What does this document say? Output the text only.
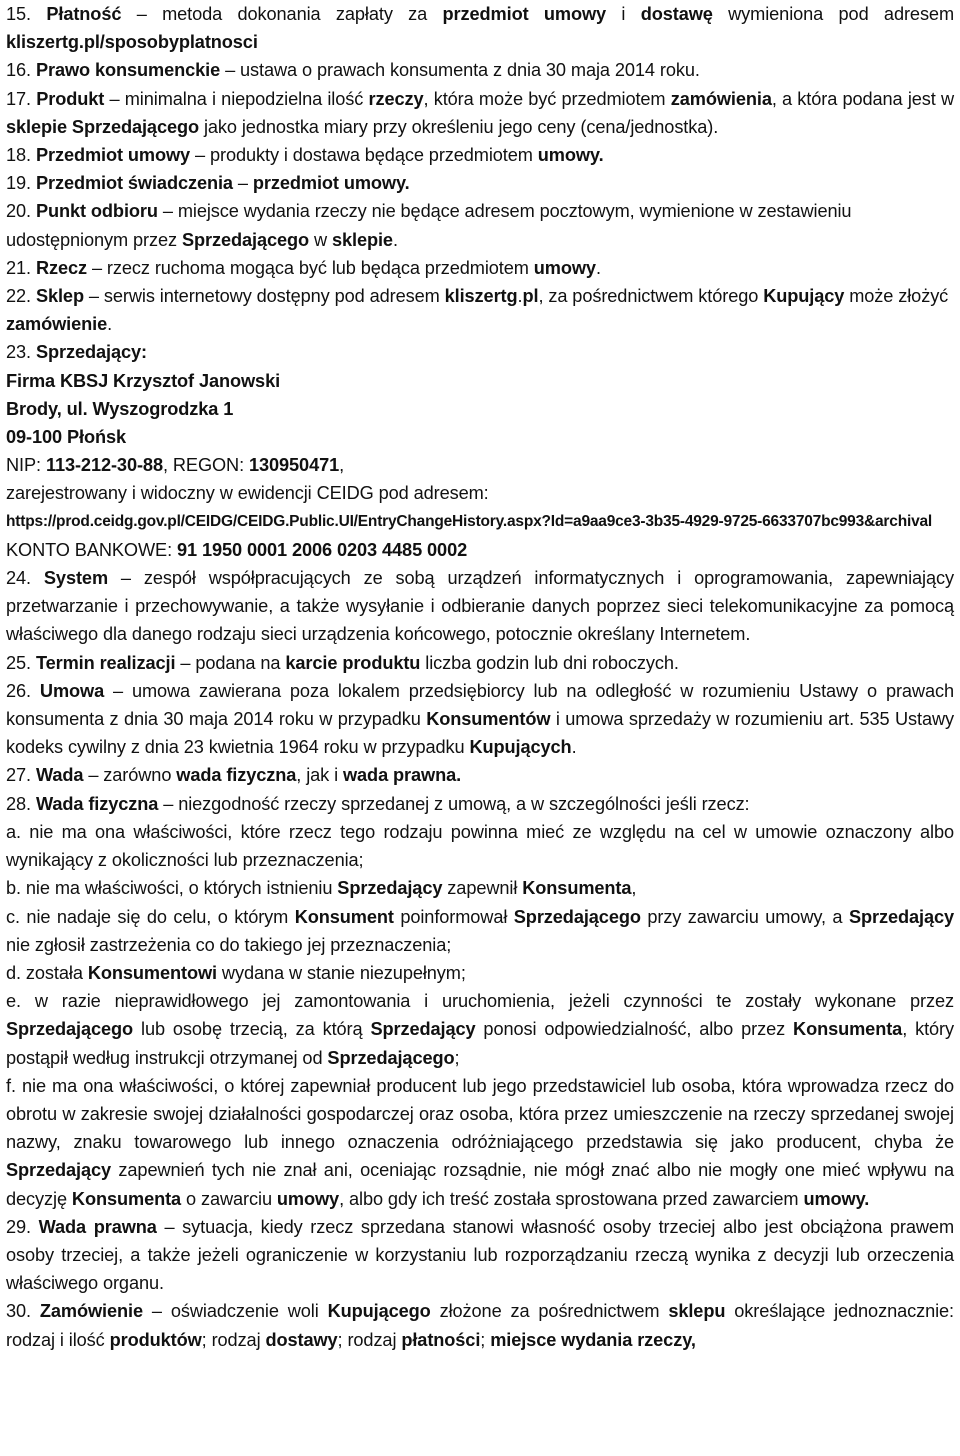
15. Płatność – metoda dokonania zapłaty za przedmiot umowy i dostawę wymieniona pod adresem kliszertg.pl/sposobyplatnosci

16. Prawo konsumenckie – ustawa o prawach konsumenta z dnia 30 maja 2014 roku.

17. Produkt – minimalna i niepodzielna ilość rzeczy, która może być przedmiotem zamówienia, a która podana jest w sklepie Sprzedającego jako jednostka miary przy określeniu jego ceny (cena/jednostka).

18. Przedmiot umowy – produkty i dostawa będące przedmiotem umowy.

19. Przedmiot świadczenia – przedmiot umowy.

20. Punkt odbioru – miejsce wydania rzeczy nie będące adresem pocztowym, wymienione w zestawieniu udostępnionym przez Sprzedającego w sklepie.

21. Rzecz – rzecz ruchoma mogąca być lub będąca przedmiotem umowy.

22. Sklep – serwis internetowy dostępny pod adresem kliszertg.pl, za pośrednictwem którego Kupujący może złożyć zamówienie.

23. Sprzedający:

Firma KBSJ Krzysztof Janowski

Brody, ul. Wyszogrodzka 1

09-100 Płońsk

NIP: 113-212-30-88, REGON: 130950471,

zarejestrowany i widoczny w ewidencji CEIDG pod adresem:

https://prod.ceidg.gov.pl/CEIDG/CEIDG.Public.UI/EntryChangeHistory.aspx?Id=a9aa9ce3-3b35-4929-9725-6633707bc993&archival

KONTO BANKOWE: 91 1950 0001 2006 0203 4485 0002

24. System – zespół współpracujących ze sobą urządzeń informatycznych i oprogramowania, zapewniający przetwarzanie i przechowywanie, a także wysyłanie i odbieranie danych poprzez sieci telekomunikacyjne za pomocą właściwego dla danego rodzaju sieci urządzenia końcowego, potocznie określany Internetem.

25. Termin realizacji – podana na karcie produktu liczba godzin lub dni roboczych.

26. Umowa – umowa zawierana poza lokalem przedsiębiorcy lub na odległość w rozumieniu Ustawy o prawach konsumenta z dnia 30 maja 2014 roku w przypadku Konsumentów i umowa sprzedaży w rozumieniu art. 535 Ustawy kodeks cywilny z dnia 23 kwietnia 1964 roku w przypadku Kupujących.

27. Wada – zarówno wada fizyczna, jak i wada prawna.

28. Wada fizyczna – niezgodność rzeczy sprzedanej z umową, a w szczególności jeśli rzecz:

a. nie ma ona właściwości, które rzecz tego rodzaju powinna mieć ze względu na cel w umowie oznaczony albo wynikający z okoliczności lub przeznaczenia;

b. nie ma właściwości, o których istnieniu Sprzedający zapewnił Konsumenta,

c. nie nadaje się do celu, o którym Konsument poinformował Sprzedającego przy zawarciu umowy, a Sprzedający nie zgłosił zastrzeżenia co do takiego jej przeznaczenia;

d. została Konsumentowi wydana w stanie niezupełnym;

e. w razie nieprawidłowego jej zamontowania i uruchomienia, jeżeli czynności te zostały wykonane przez Sprzedającego lub osobę trzecią, za którą Sprzedający ponosi odpowiedzialność, albo przez Konsumenta, który postąpił według instrukcji otrzymanej od Sprzedającego;

f. nie ma ona właściwości, o której zapewniał producent lub jego przedstawiciel lub osoba, która wprowadza rzecz do obrotu w zakresie swojej działalności gospodarczej oraz osoba, która przez umieszczenie na rzeczy sprzedanej swojej nazwy, znaku towarowego lub innego oznaczenia odróżniającego przedstawia się jako producent, chyba że Sprzedający zapewnień tych nie znał ani, oceniając rozsądnie, nie mógł znać albo nie mogły one mieć wpływu na decyzję Konsumenta o zawarciu umowy, albo gdy ich treść została sprostowana przed zawarciem umowy.

29. Wada prawna – sytuacja, kiedy rzecz sprzedana stanowi własność osoby trzeciej albo jest obciążona prawem osoby trzeciej, a także jeżeli ograniczenie w korzystaniu lub rozporządzaniu rzeczą wynika z decyzji lub orzeczenia właściwego organu.

30. Zamówienie – oświadczenie woli Kupującego złożone za pośrednictwem sklepu określające jednoznacznie: rodzaj i ilość produktów; rodzaj dostawy; rodzaj płatności; miejsce wydania rzeczy,
